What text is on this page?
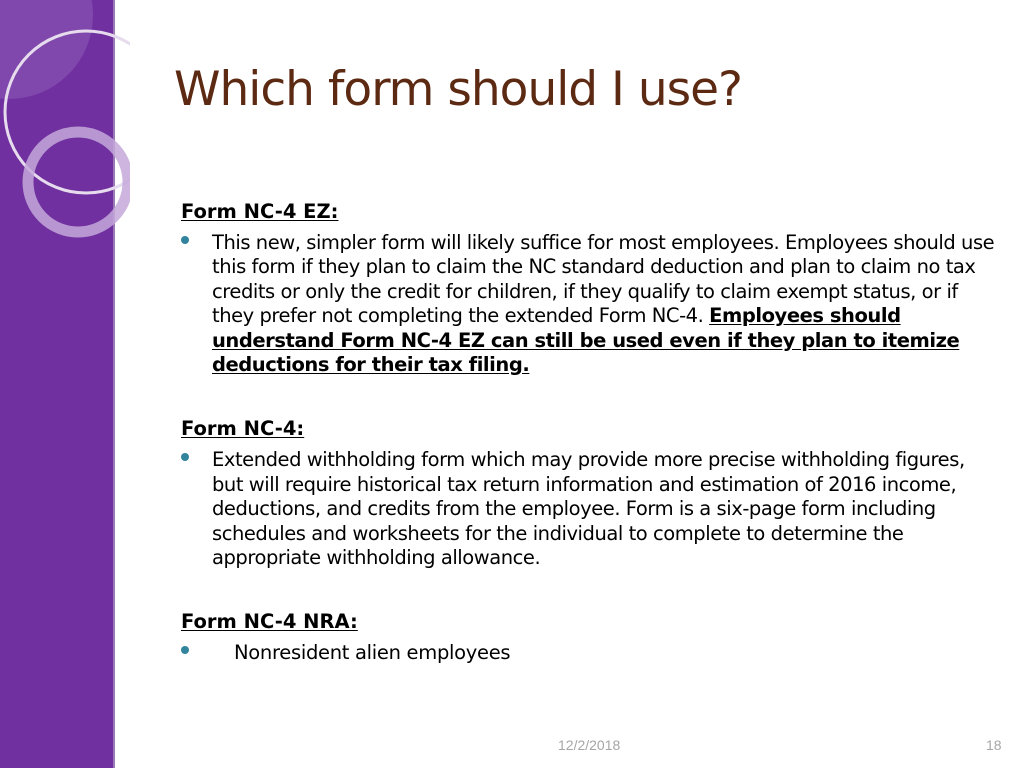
Which form should I use?
Form NC-4 EZ:
This new, simpler form will likely suffice for most employees. Employees should use this form if they plan to claim the NC standard deduction and plan to claim no tax credits or only the credit for children, if they qualify to claim exempt status, or if they prefer not completing the extended Form NC-4. Employees should understand Form NC-4 EZ can still be used even if they plan to itemize deductions for their tax filing.
Form NC-4:
Extended withholding form which may provide more precise withholding figures, but will require historical tax return information and estimation of 2016 income, deductions, and credits from the employee. Form is a six-page form including schedules and worksheets for the individual to complete to determine the appropriate withholding allowance.
Form NC-4 NRA:
Nonresident alien employees
12/2/2018	18
